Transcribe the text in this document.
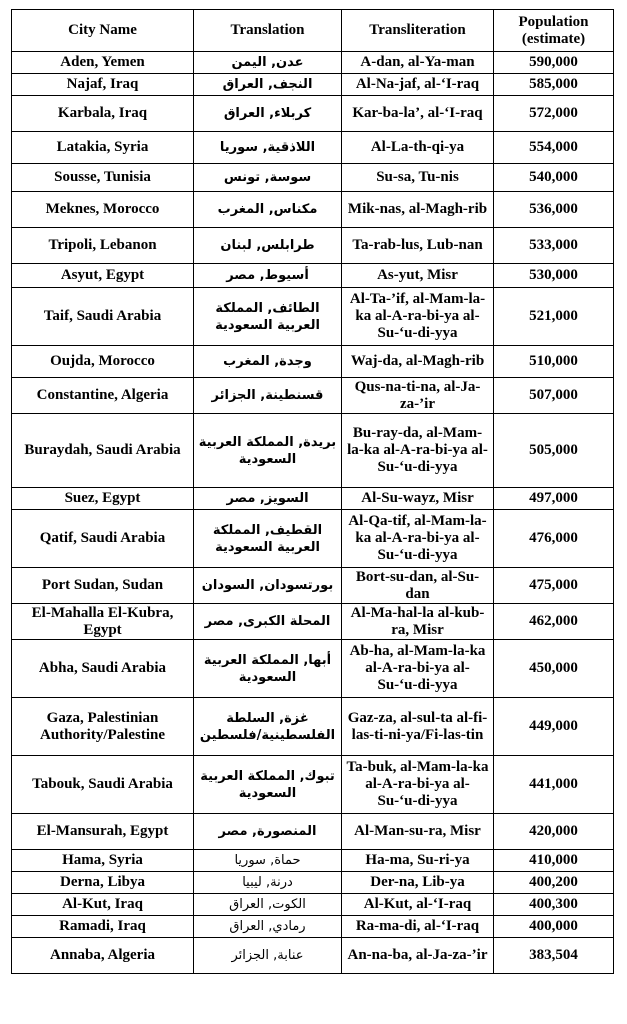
City Name	Translation	Transliteration	Population
(estimate)
Aden, Yemen	عدن, اليمن	A-dan, al-Ya-man	590,000
Najaf, Iraq	النجف, العراق	Al-Na-jaf, al-‘I-raq	585,000
Karbala, Iraq	كربلاء, العراق	Kar-ba-la’, al-‘I-raq	572,000
Latakia, Syria	اللاذقية, سوريا	Al-La-th-qi-ya	554,000
Sousse, Tunisia	سوسة, تونس	Su-sa, Tu-nis	540,000
Meknes, Morocco	مكناس, المغرب	Mik-nas, al-Magh-rib	536,000
Tripoli, Lebanon	طرابلس, لبنان	Ta-rab-lus, Lub-nan	533,000
Asyut, Egypt	أسيوط, مصر	As-yut, Misr	530,000
Taif, Saudi Arabia	الطائف, المملكة العربية السعودية	Al-Ta-’if, al-Mam-la-ka al-A-ra-bi-ya al-Su-‘u-di-yya	521,000
Oujda, Morocco	وجدة, المغرب	Waj-da, al-Magh-rib	510,000
Constantine, Algeria	قسنطينة, الجزائر	Qus-na-ti-na, al-Ja-za-’ir	507,000
Buraydah, Saudi Arabia	بريدة, المملكة العربية السعودية	Bu-ray-da, al-Mam-la-ka al-A-ra-bi-ya al-Su-‘u-di-yya	505,000
Suez, Egypt	السويز, مصر	Al-Su-wayz, Misr	497,000
Qatif, Saudi Arabia	القطيف, المملكة العربية السعودية	Al-Qa-tif, al-Mam-la-ka al-A-ra-bi-ya al-Su-‘u-di-yya	476,000
Port Sudan, Sudan	بورتسودان, السودان	Bort-su-dan, al-Su-dan	475,000
El-Mahalla El-Kubra, Egypt	المحلة الكبرى, مصر	Al-Ma-hal-la al-kub-ra, Misr	462,000
Abha, Saudi Arabia	أبها, المملكة العربية السعودية	Ab-ha, al-Mam-la-ka al-A-ra-bi-ya al-Su-‘u-di-yya	450,000
Gaza, Palestinian Authority/Palestine	غزة, السلطة الفلسطينية/فلسطين	Gaz-za, al-sul-ta al-fi-las-ti-ni-ya/Fi-las-tin	449,000
Tabouk, Saudi Arabia	تبوك, المملكة العربية السعودية	Ta-buk, al-Mam-la-ka al-A-ra-bi-ya al-Su-‘u-di-yya	441,000
El-Mansurah, Egypt	المنصورة, مصر	Al-Man-su-ra, Misr	420,000
Hama, Syria	حماة, سوريا	Ha-ma, Su-ri-ya	410,000
Derna, Libya	درنة, ليبيا	Der-na, Lib-ya	400,200
Al-Kut, Iraq	الكوت, العراق	Al-Kut, al-‘I-raq	400,300
Ramadi, Iraq	رمادي, العراق	Ra-ma-di, al-‘I-raq	400,000
Annaba, Algeria	عنابة, الجزائر	An-na-ba, al-Ja-za-’ir	383,504
